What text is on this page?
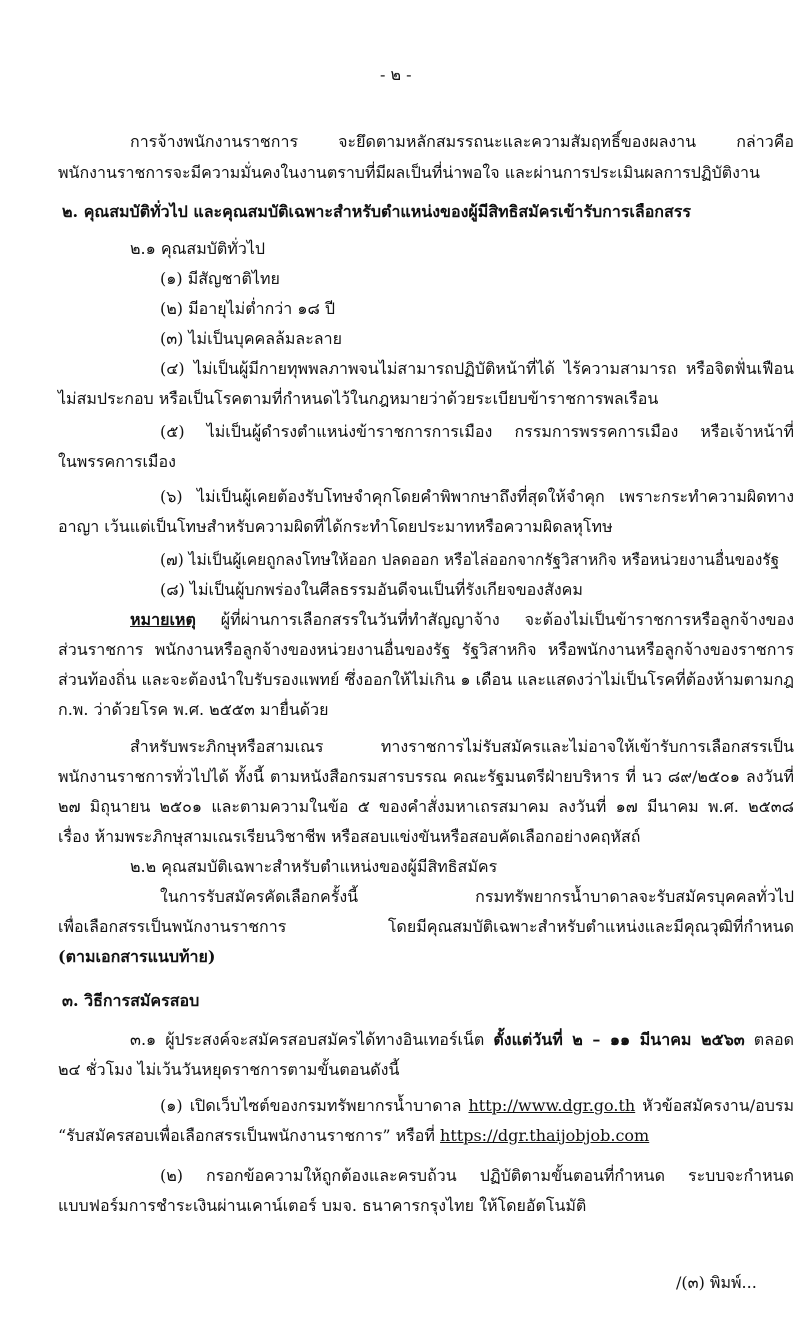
- ๒ -
การจ้างพนักงานราชการ จะยึดตามหลักสมรรถนะและความสัมฤทธิ์ของผลงาน กล่าวคือ
พนักงานราชการจะมีความมั่นคงในงานตราบที่มีผลเป็นที่น่าพอใจ และผ่านการประเมินผลการปฏิบัติงาน
๒. คุณสมบัติทั่วไป และคุณสมบัติเฉพาะสำหรับตำแหน่งของผู้มีสิทธิสมัครเข้ารับการเลือกสรร
๒.๑ คุณสมบัติทั่วไป
(๑) มีสัญชาติไทย
(๒) มีอายุไม่ต่ำกว่า ๑๘ ปี
(๓) ไม่เป็นบุคคลล้มละลาย
(๔) ไม่เป็นผู้มีกายทุพพลภาพจนไม่สามารถปฏิบัติหน้าที่ได้ ไร้ความสามารถ หรือจิตฟั่นเฟือน
ไม่สมประกอบ หรือเป็นโรคตามที่กำหนดไว้ในกฎหมายว่าด้วยระเบียบข้าราชการพลเรือน
(๕) ไม่เป็นผู้ดำรงตำแหน่งข้าราชการการเมือง กรรมการพรรคการเมือง หรือเจ้าหน้าที่
ในพรรคการเมือง
(๖) ไม่เป็นผู้เคยต้องรับโทษจำคุกโดยคำพิพากษาถึงที่สุดให้จำคุก เพราะกระทำความผิดทาง
อาญา เว้นแต่เป็นโทษสำหรับความผิดที่ได้กระทำโดยประมาทหรือความผิดลหุโทษ
(๗) ไม่เป็นผู้เคยถูกลงโทษให้ออก ปลดออก หรือไล่ออกจากรัฐวิสาหกิจ หรือหน่วยงานอื่นของรัฐ
(๘) ไม่เป็นผู้บกพร่องในศีลธรรมอันดีจนเป็นที่รังเกียจของสังคม
หมายเหตุ ผู้ที่ผ่านการเลือกสรรในวันที่ทำสัญญาจ้าง จะต้องไม่เป็นข้าราชการหรือลูกจ้างของ
ส่วนราชการ พนักงานหรือลูกจ้างของหน่วยงานอื่นของรัฐ รัฐวิสาหกิจ หรือพนักงานหรือลูกจ้างของราชการ
ส่วนท้องถิ่น และจะต้องนำใบรับรองแพทย์ ซึ่งออกให้ไม่เกิน ๑ เดือน และแสดงว่าไม่เป็นโรคที่ต้องห้ามตามกฎ
ก.พ. ว่าด้วยโรค พ.ศ. ๒๕๕๓ มายื่นด้วย
สำหรับพระภิกษุหรือสามเณร ทางราชการไม่รับสมัครและไม่อาจให้เข้ารับการเลือกสรรเป็น
พนักงานราชการทั่วไปได้ ทั้งนี้ ตามหนังสือกรมสารบรรณ คณะรัฐมนตรีฝ่ายบริหาร ที่ นว ๘๙/๒๕๐๑ ลงวันที่
๒๗ มิถุนายน ๒๕๐๑ และตามความในข้อ ๕ ของคำสั่งมหาเถรสมาคม ลงวันที่ ๑๗ มีนาคม พ.ศ. ๒๕๓๘
เรื่อง ห้ามพระภิกษุสามเณรเรียนวิชาชีพ หรือสอบแข่งขันหรือสอบคัดเลือกอย่างคฤหัสถ์
๒.๒ คุณสมบัติเฉพาะสำหรับตำแหน่งของผู้มีสิทธิสมัคร
ในการรับสมัครคัดเลือกครั้งนี้ กรมทรัพยากรน้ำบาดาลจะรับสมัครบุคคลทั่วไป
เพื่อเลือกสรรเป็นพนักงานราชการ โดยมีคุณสมบัติเฉพาะสำหรับตำแหน่งและมีคุณวุฒิที่กำหนด
(ตามเอกสารแนบท้าย)
๓. วิธีการสมัครสอบ
๓.๑ ผู้ประสงค์จะสมัครสอบสมัครได้ทางอินเทอร์เน็ต ตั้งแต่วันที่ ๒ – ๑๑ มีนาคม ๒๕๖๓ ตลอด
๒๔ ชั่วโมง ไม่เว้นวันหยุดราชการตามขั้นตอนดังนี้
(๑) เปิดเว็บไซต์ของกรมทรัพยากรน้ำบาดาล http://www.dgr.go.th หัวข้อสมัครงาน/อบรม
“รับสมัครสอบเพื่อเลือกสรรเป็นพนักงานราชการ” หรือที่ https://dgr.thaijobjob.com
(๒) กรอกข้อความให้ถูกต้องและครบถ้วน ปฏิบัติตามขั้นตอนที่กำหนด ระบบจะกำหนด
แบบฟอร์มการชำระเงินผ่านเคาน์เตอร์ บมจ. ธนาคารกรุงไทย ให้โดยอัตโนมัติ
/(๓) พิมพ์...
